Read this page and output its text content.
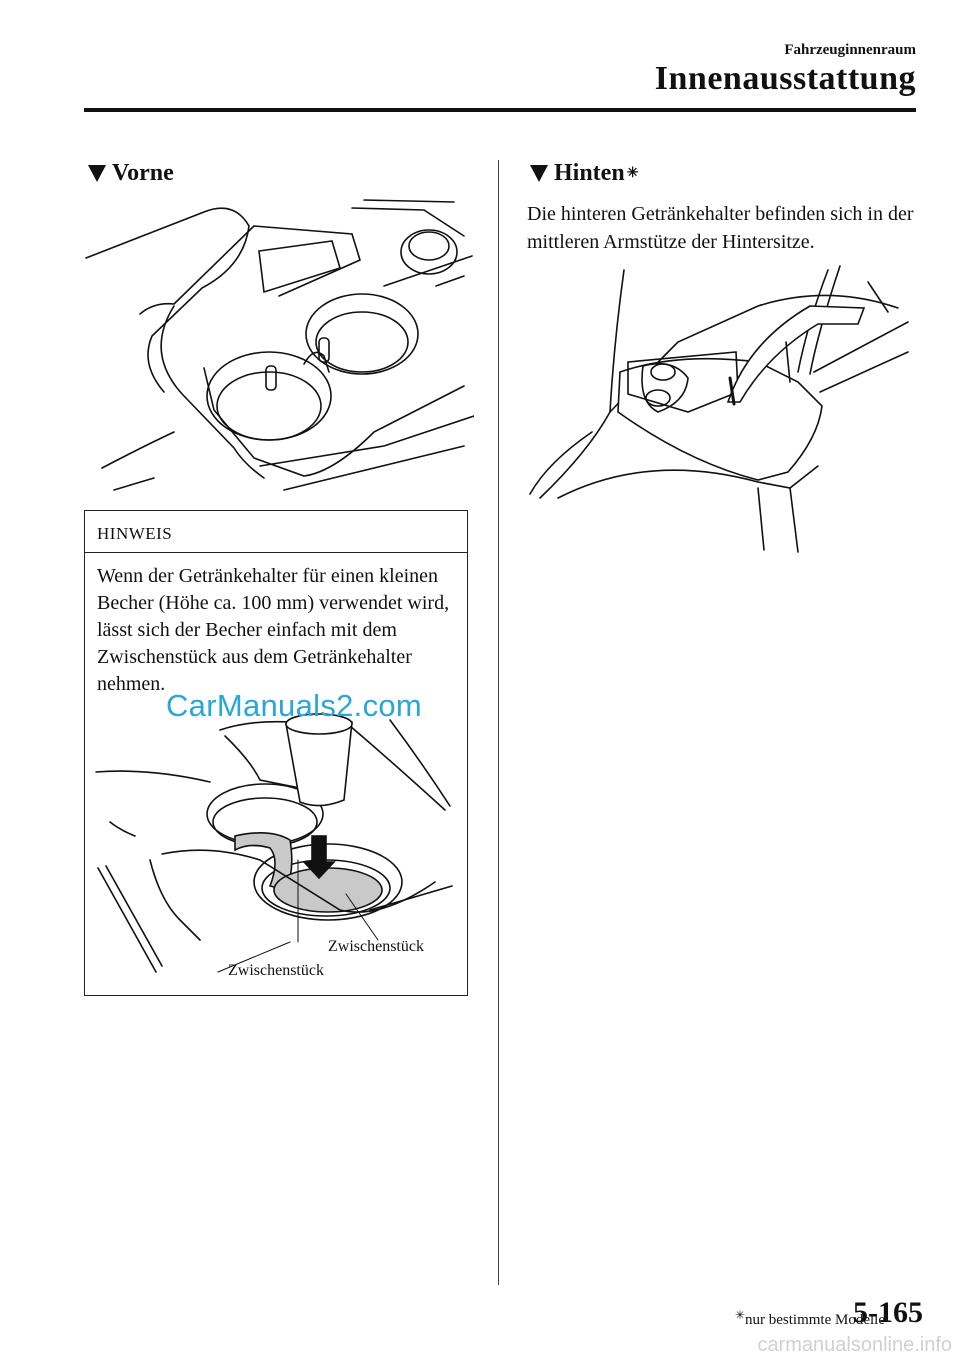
Fahrzeuginnenraum
Innenausstattung
Vorne
HINWEIS
Wenn der Getränkehalter für einen kleinen Becher (Höhe ca. 100 mm) verwendet wird, lässt sich der Becher einfach mit dem Zwischenstück aus dem Getränkehalter nehmen.
Zwischenstück
Zwischenstück
CarManuals2.com
Hinten ✳
Die hinteren Getränkehalter befinden sich in der mittleren Armstütze der Hintersitze.
✳ nur bestimmte Modelle
5-165
carmanualsonline.info
